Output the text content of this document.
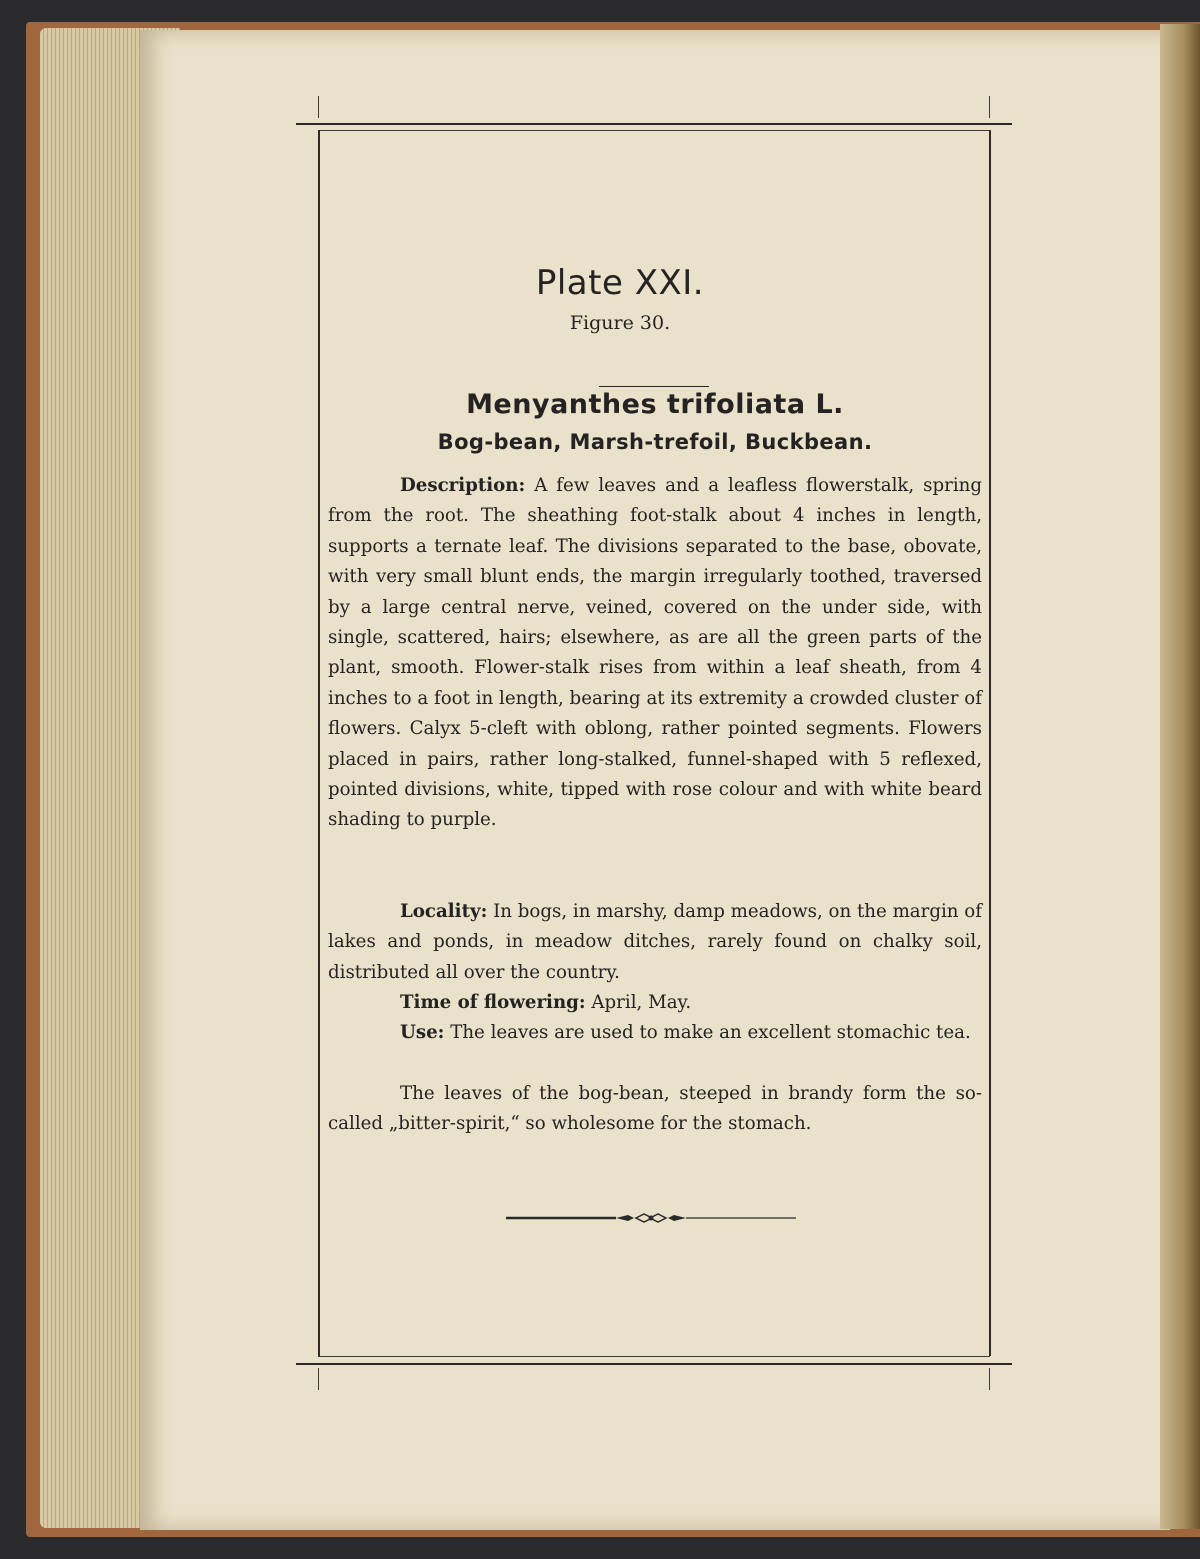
Plate XXI.
Figure 30.
Menyanthes trifoliata L.
Bog-bean, Marsh-trefoil, Buckbean.

Description: A few leaves and a leafless flowerstalk, spring from the root. The sheathing foot-stalk about 4 inches in length, supports a ternate leaf. The divisions separated to the base, obovate, with very small blunt ends, the margin irregularly toothed, traversed by a large central nerve, veined, covered on the under side, with single, scattered, hairs; elsewhere, as are all the green parts of the plant, smooth. Flower-stalk rises from within a leaf sheath, from 4 inches to a foot in length, bearing at its extremity a crowded cluster of flowers. Calyx 5-cleft with oblong, rather pointed segments. Flowers placed in pairs, rather long-stalked, funnel-shaped with 5 reflexed, pointed divisions, white, tipped with rose colour and with white beard shading to purple.

Locality: In bogs, in marshy, damp meadows, on the margin of lakes and ponds, in meadow ditches, rarely found on chalky soil, distributed all over the country.

Time of flowering: April, May.

Use: The leaves are used to make an excellent stomachic tea.

The leaves of the bog-bean, steeped in brandy form the so-called „bitter-spirit,“ so wholesome for the stomach.
